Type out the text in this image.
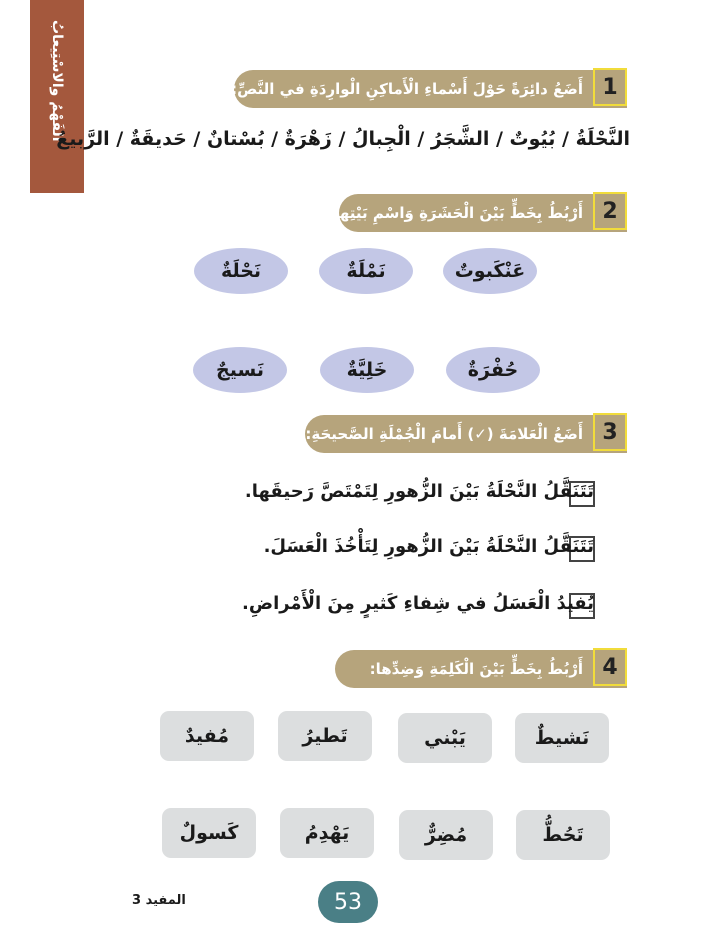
الفَهْمُ والاسْتِيعابُ	أَضَعُ دائِرَةً حَوْلَ أَسْماءِ الْأَماكِنِ الْوارِدَةِ في النَّصِّ: 1
النَّحْلَةُ / بُيُوتٌ / الشَّجَرُ / الْجِبالُ / زَهْرَةٌ / بُسْتانٌ / حَديقَةٌ / الرَّبيعُ
أَرْبُطُ بِخَطٍّ بَيْنَ الْحَشَرَةِ وَاسْمِ بَيْتِها: 2
عَنْكَبوتٌ
نَمْلَةٌ
نَحْلَةٌ
حُفْرَةٌ
خَلِيَّةٌ
نَسيجٌ
أَضَعُ الْعَلامَةَ (✓) أَمامَ الْجُمْلَةِ الصَّحيحَةِ: 3
تَتَنَقَّلُ النَّحْلَةُ بَيْنَ الزُّهورِ لِتَمْتَصَّ رَحيقَها.
تَتَنَقَّلُ النَّحْلَةُ بَيْنَ الزُّهورِ لِتَأْخُذَ الْعَسَلَ.
يُفيدُ الْعَسَلُ في شِفاءِ كَثيرٍ مِنَ الْأَمْراضِ.
أَرْبُطُ بِخَطٍّ بَيْنَ الْكَلِمَةِ وَضِدِّها: 4
نَشيطٌ
يَبْني
تَطيرُ
مُفيدٌ
تَحُطُّ
مُضِرٌّ
يَهْدِمُ
كَسولٌ
53
المفيد 3
